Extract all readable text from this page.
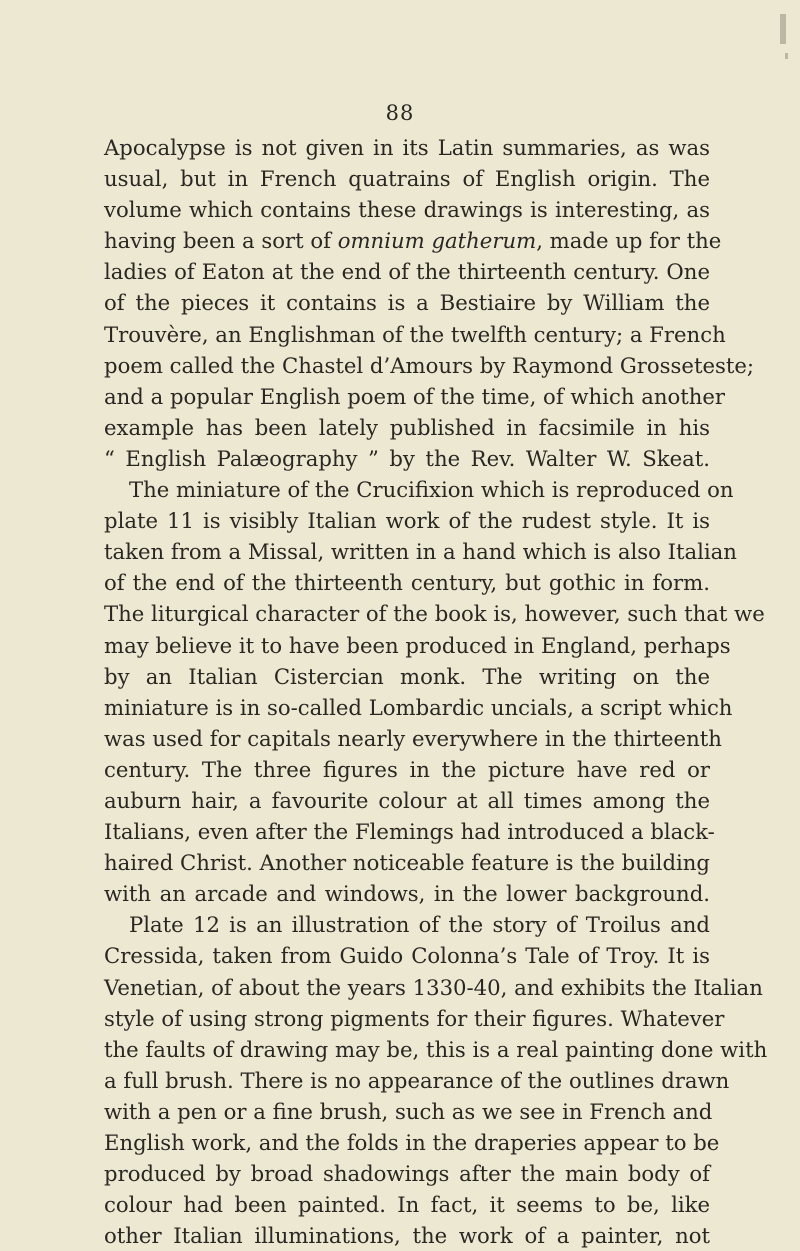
88
Apocalypse is not given in its Latin summaries, as was
usual, but in French quatrains of English origin. The
volume which contains these drawings is interesting, as
having been a sort of omnium gatherum, made up for the
ladies of Eaton at the end of the thirteenth century. One
of the pieces it contains is a Bestiaire by William the
Trouvère, an Englishman of the twelfth century; a French
poem called the Chastel d’Amours by Raymond Grosseteste;
and a popular English poem of the time, of which another
example has been lately published in facsimile in his
“ English Palæography ” by the Rev. Walter W. Skeat.
The miniature of the Crucifixion which is reproduced on
plate 11 is visibly Italian work of the rudest style. It is
taken from a Missal, written in a hand which is also Italian
of the end of the thirteenth century, but gothic in form.
The liturgical character of the book is, however, such that we
may believe it to have been produced in England, perhaps
by an Italian Cistercian monk. The writing on the
miniature is in so-called Lombardic uncials, a script which
was used for capitals nearly everywhere in the thirteenth
century. The three figures in the picture have red or
auburn hair, a favourite colour at all times among the
Italians, even after the Flemings had introduced a black-
haired Christ. Another noticeable feature is the building
with an arcade and windows, in the lower background.
Plate 12 is an illustration of the story of Troilus and
Cressida, taken from Guido Colonna’s Tale of Troy. It is
Venetian, of about the years 1330-40, and exhibits the Italian
style of using strong pigments for their figures. Whatever
the faults of drawing may be, this is a real painting done with
a full brush. There is no appearance of the outlines drawn
with a pen or a fine brush, such as we see in French and
English work, and the folds in the draperies appear to be
produced by broad shadowings after the main body of
colour had been painted. In fact, it seems to be, like
other Italian illuminations, the work of a painter, not
